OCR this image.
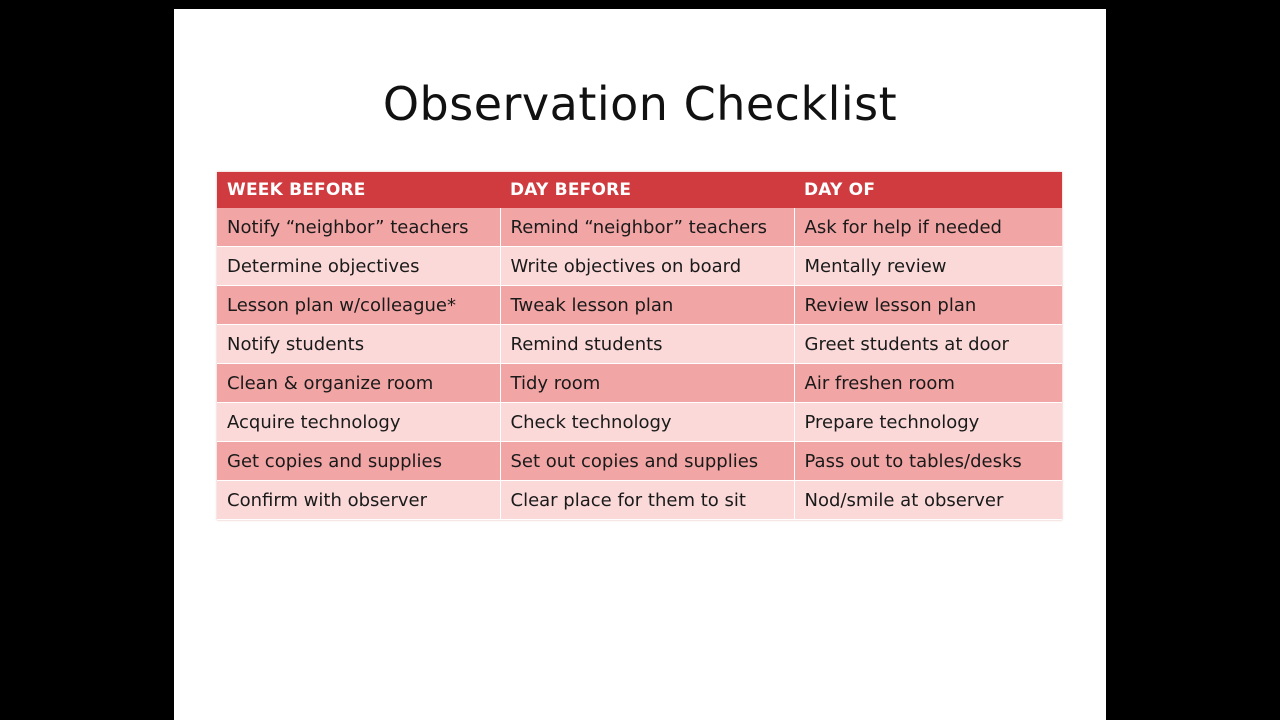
Observation Checklist
WEEK BEFORE	DAY BEFORE	DAY OF
Notify “neighbor” teachers	Remind “neighbor” teachers	Ask for help if needed
Determine objectives	Write objectives on board	Mentally review
Lesson plan w/colleague*	Tweak lesson plan	Review lesson plan
Notify students	Remind students	Greet students at door
Clean & organize room	Tidy room	Air freshen room
Acquire technology	Check technology	Prepare technology
Get copies and supplies	Set out copies and supplies	Pass out to tables/desks
Confirm with observer	Clear place for them to sit	Nod/smile at observer
